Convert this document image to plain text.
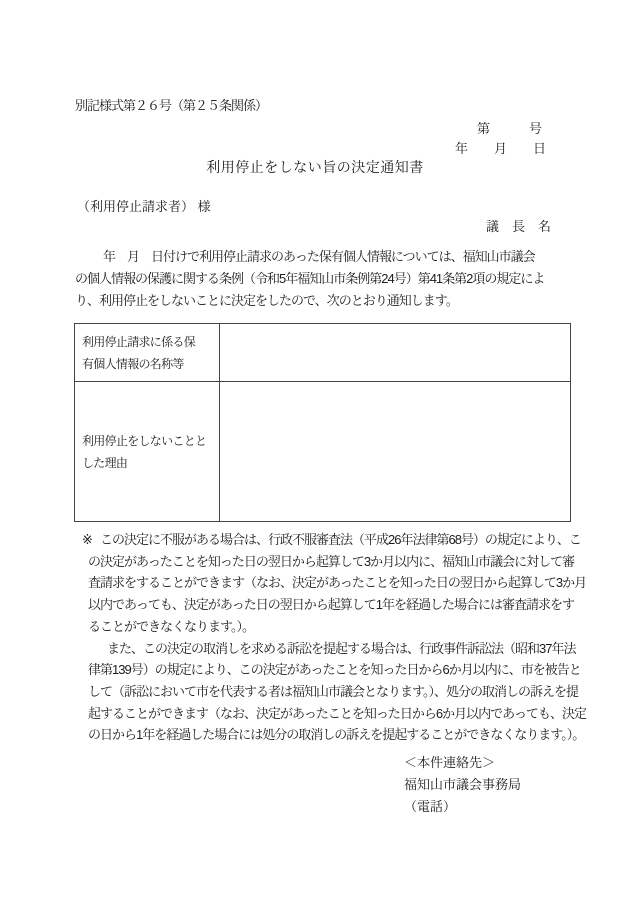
別記様式第２６号（第２５条関係）
第　　　号
年　　月　　日
利用停止をしない旨の決定通知書
（利用停止請求者） 様
議　長　名
年　月　日付けで利用停止請求のあった保有個人情報については、福知山市議会
の個人情報の保護に関する条例（令和5年福知山市条例第24号）第41条第2項の規定によ
り、利用停止をしないことに決定をしたので、次のとおり通知します。
利用停止請求に係る保
有個人情報の名称等	

利用停止をしないことと
した理由	

※ この決定に不服がある場合は、行政不服審査法（平成26年法律第68号）の規定により、こ
の決定があったことを知った日の翌日から起算して3か月以内に、福知山市議会に対して審
査請求をすることができます（なお、決定があったことを知った日の翌日から起算して3か月
以内であっても、決定があった日の翌日から起算して1年を経過した場合には審査請求をす
ることができなくなります。）。
また、この決定の取消しを求める訴訟を提起する場合は、行政事件訴訟法（昭和37年法
律第139号）の規定により、この決定があったことを知った日から6か月以内に、市を被告と
して（訴訟において市を代表する者は福知山市議会となります。）、処分の取消しの訴えを提
起することができます（なお、決定があったことを知った日から6か月以内であっても、決定
の日から1年を経過した場合には処分の取消しの訴えを提起することができなくなります。）。
＜本件連絡先＞
福知山市議会事務局
（電話）
